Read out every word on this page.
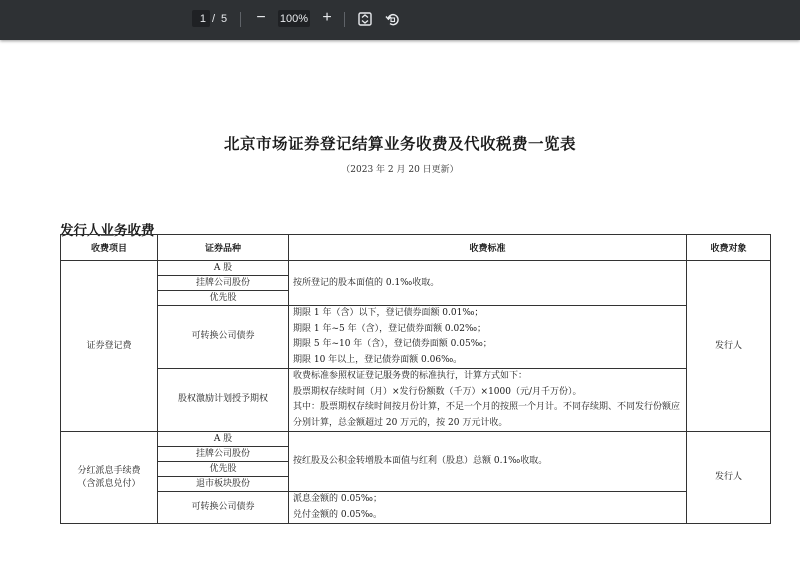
1 / 5 −	100% +
北京市场证券登记结算业务收费及代收税费一览表
（2023 年 2 月 20 日更新）
发行人业务收费
收费项目	证券品种	收费标准	收费对象
证券登记费	A 股	按所登记的股本面值的 0.1‰收取。	发行人
	挂牌公司股份		
	优先股		
	可转换公司债券	期限 1 年（含）以下，登记债券面额 0.01‰；
期限 1 年~5 年（含），登记债券面额 0.02‰；
期限 5 年~10 年（含），登记债券面额 0.05‰；
期限 10 年以上，登记债券面额 0.06‰。	

	股权激励计划授予期权	收费标准参照权证登记服务费的标准执行，计算方式如下：
股票期权存续时间（月）×发行份额数（千万）×1000（元/月千万份）。
其中：股票期权存续时间按月份计算，不足一个月的按照一个月计。不同存续期、不同发行份额应分别计算，总金额超过 20 万元的，按 20 万元计收。	

分红派息手续费
（含派息兑付）	A 股	按红股及公积金转增股本面值与红利（股息）总额 0.1‰收取。	发行人
	挂牌公司股份		
	优先股		
	退市板块股份		
	可转换公司债券	派息金额的 0.05‰；
兑付金额的 0.05‰。	
